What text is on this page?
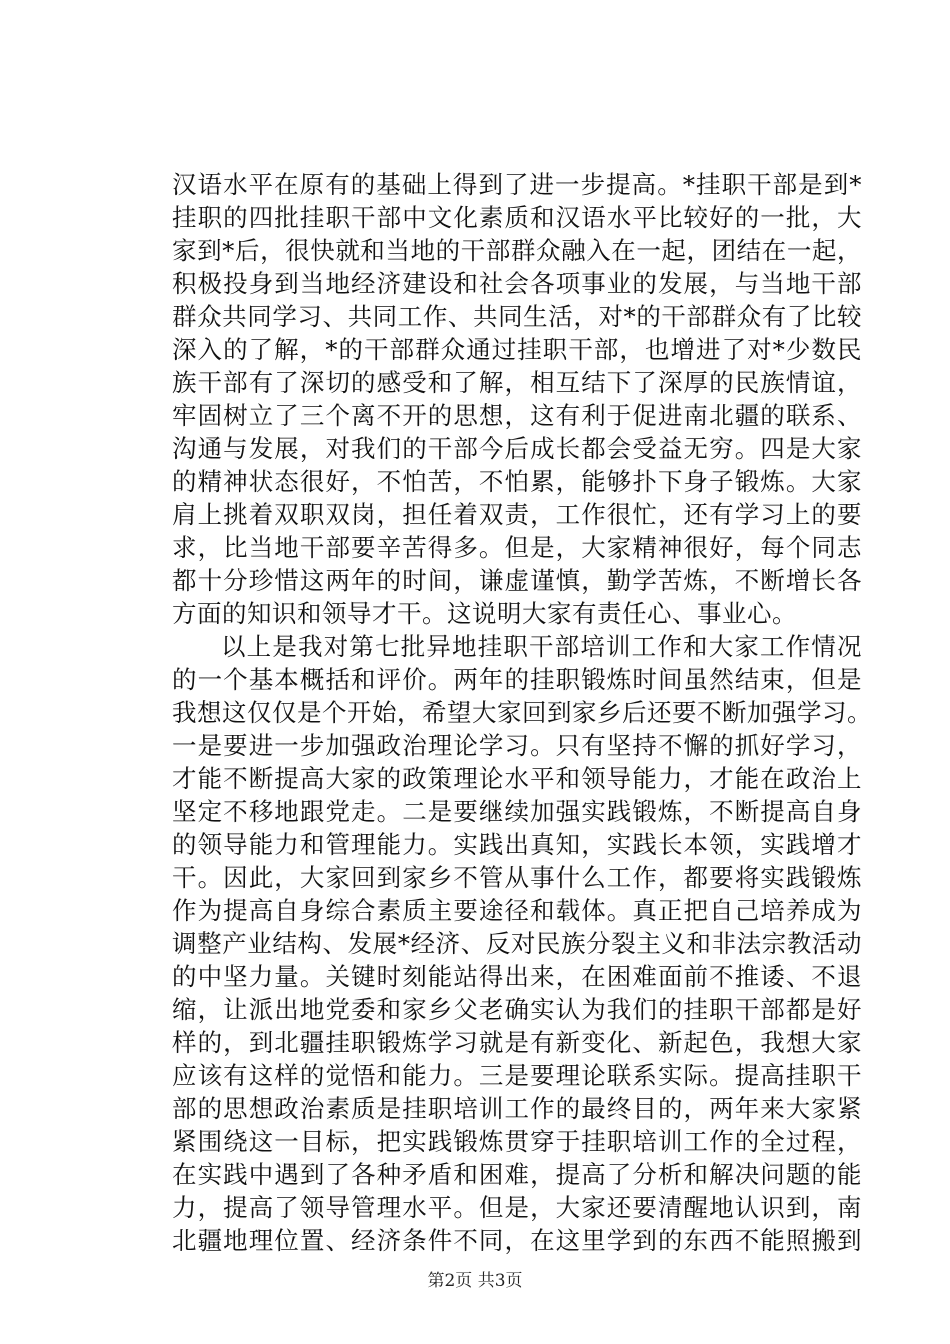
汉语水平在原有的基础上得到了进一步提高。*挂职干部是到*
挂职的四批挂职干部中文化素质和汉语水平比较好的一批，大
家到*后，很快就和当地的干部群众融入在一起，团结在一起，
积极投身到当地经济建设和社会各项事业的发展，与当地干部
群众共同学习、共同工作、共同生活，对*的干部群众有了比较
深入的了解，*的干部群众通过挂职干部，也增进了对*少数民
族干部有了深切的感受和了解，相互结下了深厚的民族情谊，
牢固树立了三个离不开的思想，这有利于促进南北疆的联系、
沟通与发展，对我们的干部今后成长都会受益无穷。四是大家
的精神状态很好，不怕苦，不怕累，能够扑下身子锻炼。大家
肩上挑着双职双岗，担任着双责，工作很忙，还有学习上的要
求，比当地干部要辛苦得多。但是，大家精神很好，每个同志
都十分珍惜这两年的时间，谦虚谨慎，勤学苦炼，不断增长各
方面的知识和领导才干。这说明大家有责任心、事业心。
以上是我对第七批异地挂职干部培训工作和大家工作情况
的一个基本概括和评价。两年的挂职锻炼时间虽然结束，但是
我想这仅仅是个开始，希望大家回到家乡后还要不断加强学习。
一是要进一步加强政治理论学习。只有坚持不懈的抓好学习，
才能不断提高大家的政策理论水平和领导能力，才能在政治上
坚定不移地跟党走。二是要继续加强实践锻炼，不断提高自身
的领导能力和管理能力。实践出真知，实践长本领，实践增才
干。因此，大家回到家乡不管从事什么工作，都要将实践锻炼
作为提高自身综合素质主要途径和载体。真正把自己培养成为
调整产业结构、发展*经济、反对民族分裂主义和非法宗教活动
的中坚力量。关键时刻能站得出来，在困难面前不推诿、不退
缩，让派出地党委和家乡父老确实认为我们的挂职干部都是好
样的，到北疆挂职锻炼学习就是有新变化、新起色，我想大家
应该有这样的觉悟和能力。三是要理论联系实际。提高挂职干
部的思想政治素质是挂职培训工作的最终目的，两年来大家紧
紧围绕这一目标，把实践锻炼贯穿于挂职培训工作的全过程，
在实践中遇到了各种矛盾和困难，提高了分析和解决问题的能
力，提高了领导管理水平。但是，大家还要清醒地认识到，南
北疆地理位置、经济条件不同，在这里学到的东西不能照搬到
第2页 共3页
